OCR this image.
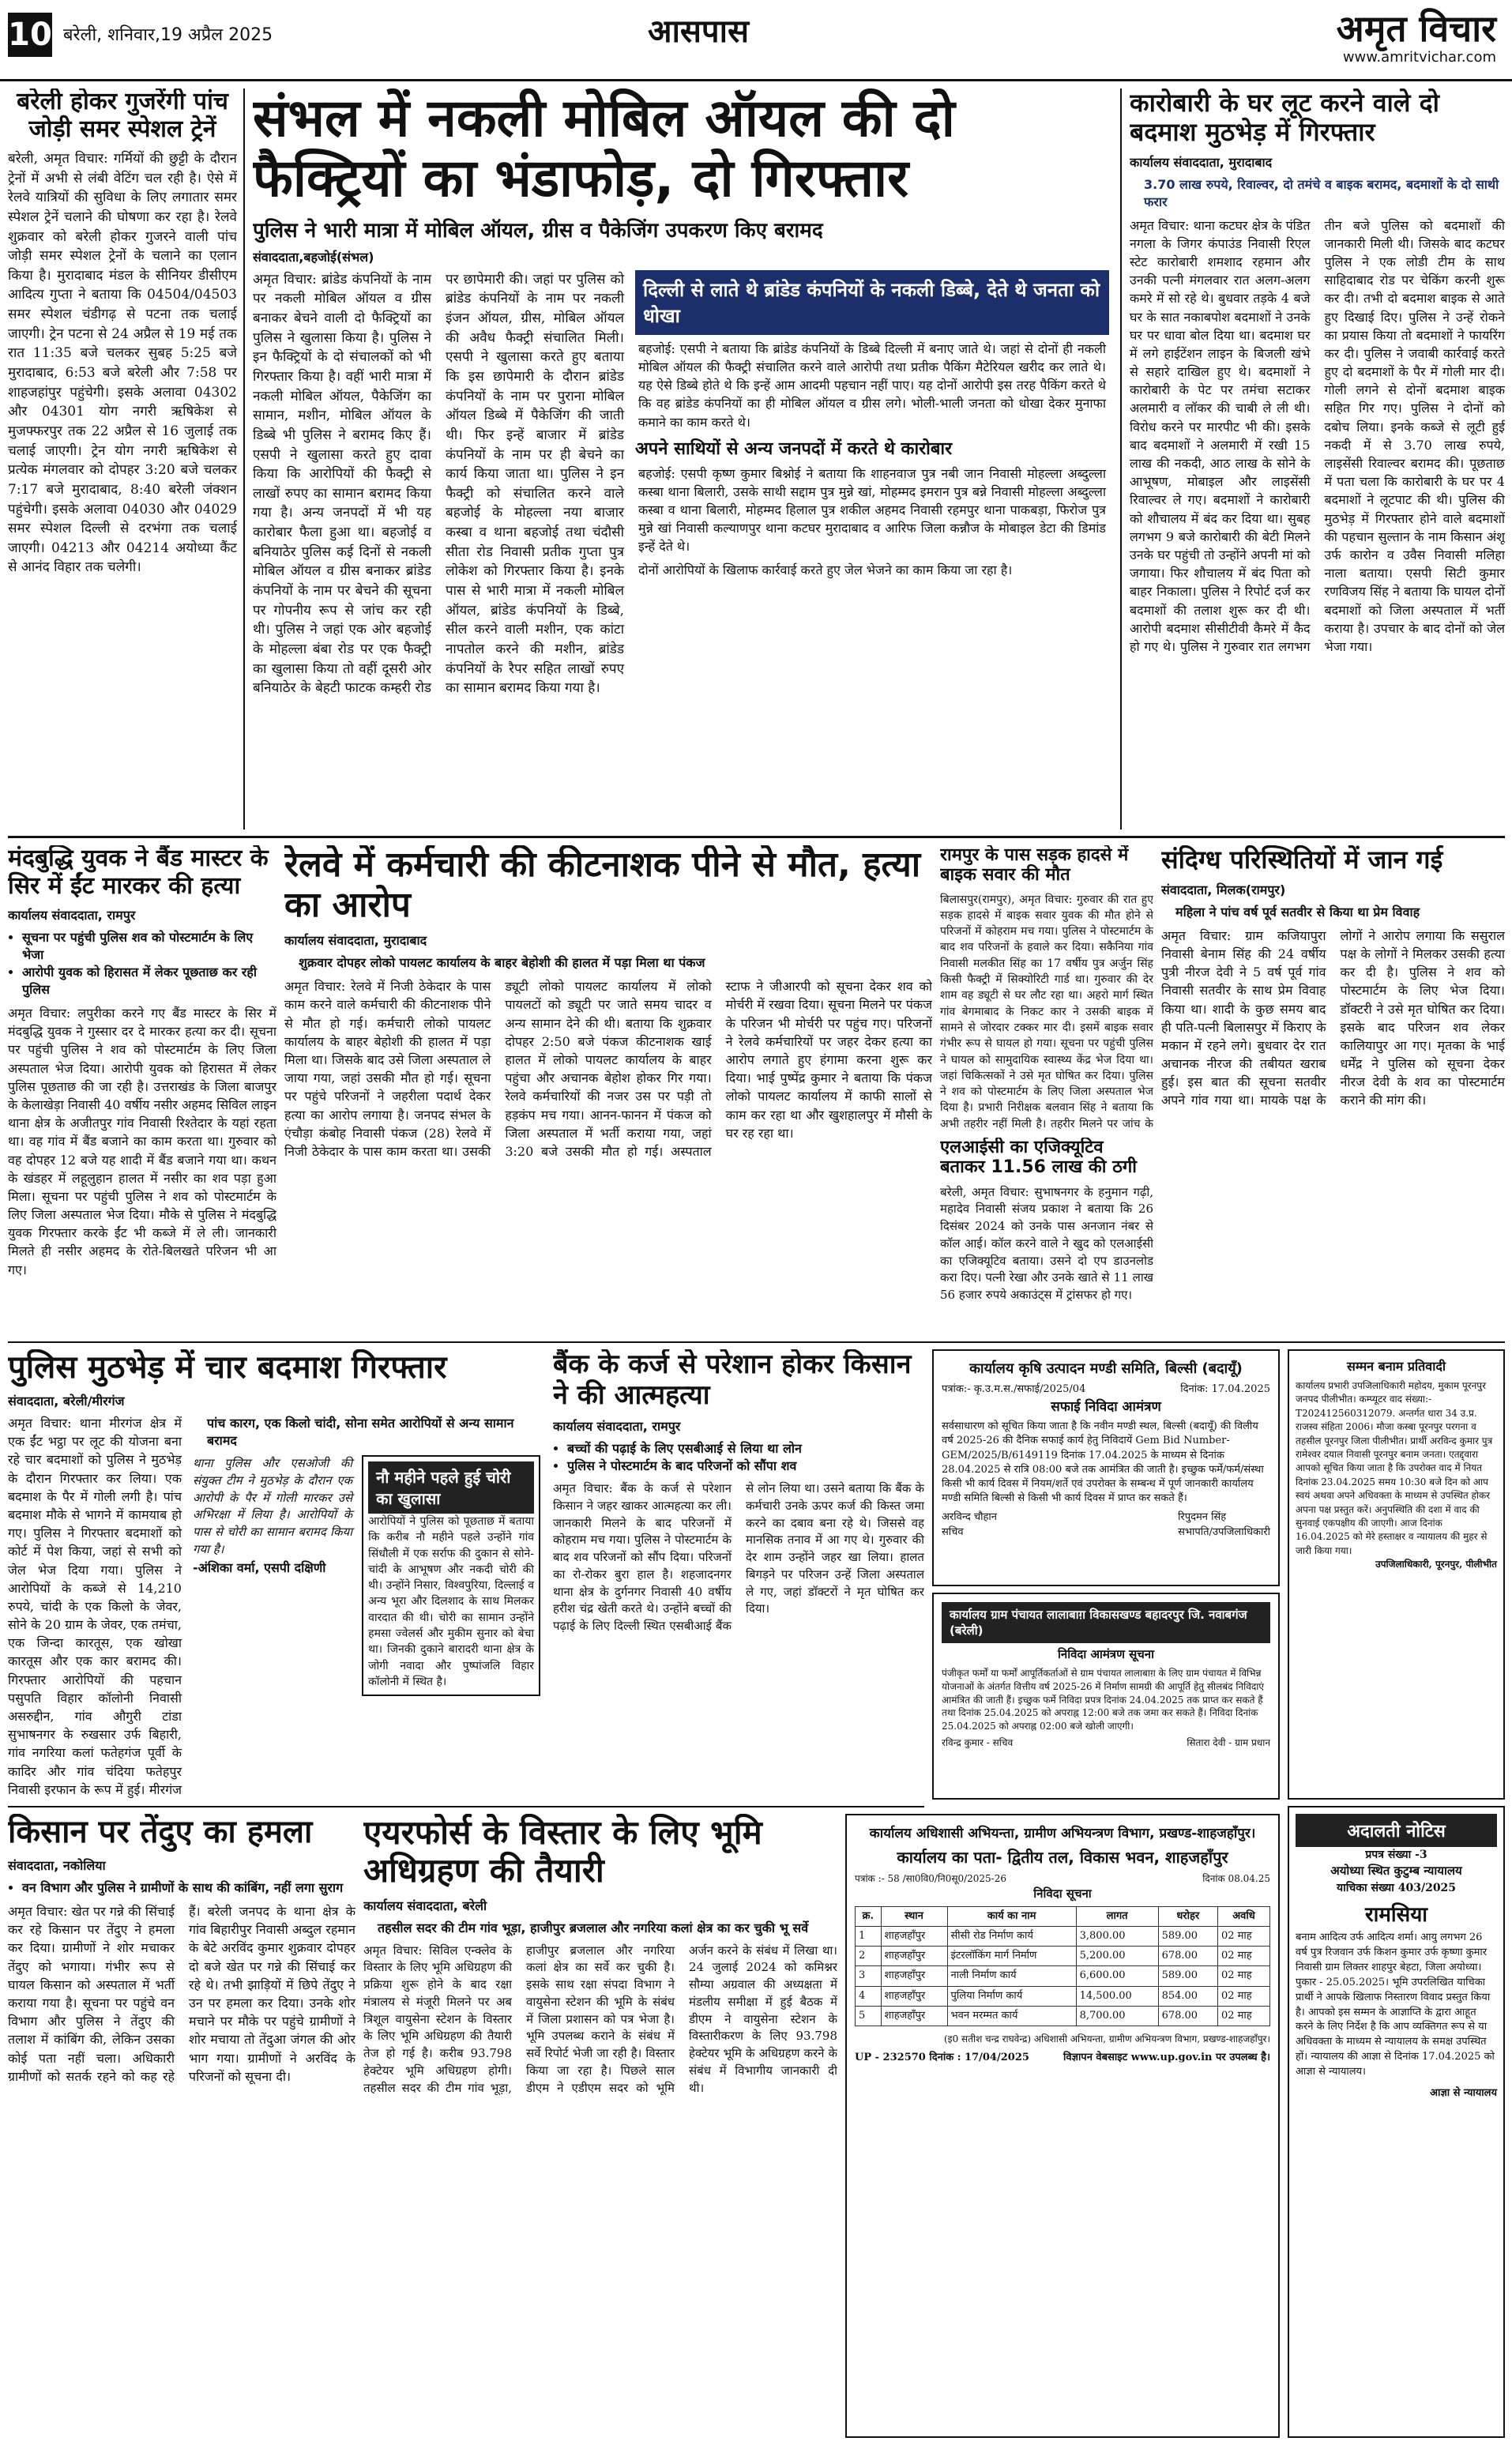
10 बरेली, शनिवार,19 अप्रैल 2025	आसपास	अमृत विचार
www.amritvichar.com
बरेली होकर गुजरेंगी पांच जोड़ी समर स्पेशल ट्रेनें

बरेली, अमृत विचार: गर्मियों की छुट्टी के दौरान ट्रेनों में अभी से लंबी वेटिंग चल रही है। ऐसे में रेलवे यात्रियों की सुविधा के लिए लगातार समर स्पेशल ट्रेनें चलाने की घोषणा कर रहा है। रेलवे शुक्रवार को बरेली होकर गुजरने वाली पांच जोड़ी समर स्पेशल ट्रेनों के चलाने का एलान किया है। मुरादाबाद मंडल के सीनियर डीसीएम आदित्य गुप्ता ने बताया कि 04504/04503 समर स्पेशल चंडीगढ़ से पटना तक चलाई जाएगी। ट्रेन पटना से 24 अप्रैल से 19 मई तक रात 11:35 बजे चलकर सुबह 5:25 बजे मुरादाबाद, 6:53 बजे बरेली और 7:58 पर शाहजहांपुर पहुंचेगी। इसके अलावा 04302 और 04301 योग नगरी ऋषिकेश से मुजफ्फरपुर तक 22 अप्रैल से 16 जुलाई तक चलाई जाएगी। ट्रेन योग नगरी ऋषिकेश से प्रत्येक मंगलवार को दोपहर 3:20 बजे चलकर 7:17 बजे मुरादाबाद, 8:40 बरेली जंक्शन पहुंचेगी। इसके अलावा 04030 और 04029 समर स्पेशल दिल्ली से दरभंगा तक चलाई जाएगी। 04213 और 04214 अयोध्या कैंट से आनंद विहार तक चलेगी।

संभल में नकली मोबिल ऑयल की दो फैक्ट्रियों का भंडाफोड़, दो गिरफ्तार
पुलिस ने भारी मात्रा में मोबिल ऑयल, ग्रीस व पैकेजिंग उपकरण किए बरामद
संवाददाता,बहजोई(संभल)

अमृत विचार: ब्रांडेड कंपनियों के नाम पर नकली मोबिल ऑयल व ग्रीस बनाकर बेचने वाली दो फैक्ट्रियों का पुलिस ने खुलासा किया है। पुलिस ने इन फैक्ट्रियों के दो संचालकों को भी गिरफ्तार किया है। वहीं भारी मात्रा में नकली मोबिल ऑयल, पैकेजिंग का सामान, मशीन, मोबिल ऑयल के डिब्बे भी पुलिस ने बरामद किए हैं। एसपी ने खुलासा करते हुए दावा किया कि आरोपियों की फैक्ट्री से लाखों रुपए का सामान बरामद किया गया है। अन्य जनपदों में भी यह कारोबार फैला हुआ था। बहजोई व बनियाठेर पुलिस कई दिनों से नकली मोबिल ऑयल व ग्रीस बनाकर ब्रांडेड कंपनियों के नाम पर बेचने की सूचना पर गोपनीय रूप से जांच कर रही थी। पुलिस ने जहां एक ओर बहजोई के मोहल्ला बंबा रोड पर एक फैक्ट्री का खुलासा किया तो वहीं दूसरी ओर बनियाठेर के बेहटी फाटक कम्हरी रोड पर छापेमारी की। जहां पर पुलिस को ब्रांडेड कंपनियों के नाम पर नकली इंजन ऑयल, ग्रीस, मोबिल ऑयल की अवैध फैक्ट्री संचालित मिली। एसपी ने खुलासा करते हुए बताया कि इस छापेमारी के दौरान ब्रांडेड कंपनियों के नाम पर पुराना मोबिल ऑयल डिब्बे में पैकेजिंग की जाती थी। फिर इन्हें बाजार में ब्रांडेड कंपनियों के नाम पर ही बेचने का कार्य किया जाता था। पुलिस ने इन फैक्ट्री को संचालित करने वाले बहजोई के मोहल्ला नया बाजार कस्बा व थाना बहजोई तथा चंदौसी सीता रोड निवासी प्रतीक गुप्ता पुत्र लोकेश को गिरफ्तार किया है। इनके पास से भारी मात्रा में नकली मोबिल ऑयल, ब्रांडेड कंपनियों के डिब्बे, सील करने वाली मशीन, एक कांटा नापतोल करने की मशीन, ब्रांडेड कंपनियों के रैपर सहित लाखों रुपए का सामान बरामद किया गया है।

दिल्ली से लाते थे ब्रांडेड कंपनियों के नकली डिब्बे, देते थे जनता को धोखा

बहजोई: एसपी ने बताया कि ब्रांडेड कंपनियों के डिब्बे दिल्ली में बनाए जाते थे। जहां से दोनों ही नकली मोबिल ऑयल की फैक्ट्री संचालित करने वाले आरोपी तथा प्रतीक पैकिंग मैटेरियल खरीद कर लाते थे। यह ऐसे डिब्बे होते थे कि इन्हें आम आदमी पहचान नहीं पाए। यह दोनों आरोपी इस तरह पैकिंग करते थे कि वह ब्रांडेड कंपनियों का ही मोबिल ऑयल व ग्रीस लगे। भोली-भाली जनता को धोखा देकर मुनाफा कमाने का काम करते थे।

अपने साथियों से अन्य जनपदों में करते थे कारोबार

बहजोई: एसपी कृष्ण कुमार बिश्नोई ने बताया कि शाहनवाज पुत्र नबी जान निवासी मोहल्ला अब्दुल्ला कस्बा थाना बिलारी, उसके साथी सद्दाम पुत्र मुन्ने खां, मोहम्मद इमरान पुत्र बन्ने निवासी मोहल्ला अब्दुल्ला कस्बा व थाना बिलारी, मोहम्मद हिलाल पुत्र शकील अहमद निवासी रहमपुर थाना पाकबड़ा, फिरोज पुत्र मुन्ने खां निवासी कल्याणपुर थाना कटघर मुरादाबाद व आरिफ जिला कन्नौज के मोबाइल डेटा की डिमांड इन्हें देते थे।

दोनों आरोपियों के खिलाफ कार्रवाई करते हुए जेल भेजने का काम किया जा रहा है।

कारोबारी के घर लूट करने वाले दो बदमाश मुठभेड़ में गिरफ्तार
कार्यालय संवाददाता, मुरादाबाद
3.70 लाख रुपये, रिवाल्वर, दो तमंचे व बाइक बरामद, बदमाशों के दो साथी फरार

अमृत विचार: थाना कटघर क्षेत्र के पंडित नगला के जिगर कंपाउंड निवासी रिएल स्टेट कारोबारी शमशाद रहमान और उनकी पत्नी मंगलवार रात अलग-अलग कमरे में सो रहे थे। बुधवार तड़के 4 बजे घर के सात नकाबपोश बदमाशों ने उनके घर पर धावा बोल दिया था। बदमाश घर में लगे हाईटेंशन लाइन के बिजली खंभे से सहारे दाखिल हुए थे। बदमाशों ने कारोबारी के पेट पर तमंचा सटाकर अलमारी व लॉकर की चाबी ले ली थी। विरोध करने पर मारपीट भी की। इसके बाद बदमाशों ने अलमारी में रखी 15 लाख की नकदी, आठ लाख के सोने के आभूषण, मोबाइल और लाइसेंसी रिवाल्वर ले गए। बदमाशों ने कारोबारी को शौचालय में बंद कर दिया था। सुबह लगभग 9 बजे कारोबारी की बेटी मिलने उनके घर पहुंची तो उन्होंने अपनी मां को जगाया। फिर शौचालय में बंद पिता को बाहर निकाला। पुलिस ने रिपोर्ट दर्ज कर बदमाशों की तलाश शुरू कर दी थी। आरोपी बदमाश सीसीटीवी कैमरे में कैद हो गए थे। पुलिस ने गुरुवार रात लगभग तीन बजे पुलिस को बदमाशों की जानकारी मिली थी। जिसके बाद कटघर पुलिस ने एक लोडी टीम के साथ साहिदाबाद रोड पर चेकिंग करनी शुरू कर दी। तभी दो बदमाश बाइक से आते हुए दिखाई दिए। पुलिस ने उन्हें रोकने का प्रयास किया तो बदमाशों ने फायरिंग कर दी। पुलिस ने जवाबी कार्रवाई करते हुए दो बदमाशों के पैर में गोली मार दी। गोली लगने से दोनों बदमाश बाइक सहित गिर गए। पुलिस ने दोनों को दबोच लिया। इनके कब्जे से लूटी हुई नकदी में से 3.70 लाख रुपये, लाइसेंसी रिवाल्वर बरामद की। पूछताछ में पता चला कि कारोबारी के घर पर 4 बदमाशों ने लूटपाट की थी। पुलिस की मुठभेड़ में गिरफ्तार होने वाले बदमाशों की पहचान सुल्तान के नाम किसान अंशू उर्फ कारोन व उवैस निवासी मलिहा नाला बताया। एसपी सिटी कुमार रणविजय सिंह ने बताया कि घायल दोनों बदमाशों को जिला अस्पताल में भर्ती कराया है। उपचार के बाद दोनों को जेल भेजा गया।

मंदबुद्धि युवक ने बैंड मास्टर के सिर में ईंट मारकर की हत्या
कार्यालय संवाददाता, रामपुर
• सूचना पर पहुंची पुलिस शव को पोस्टमार्टम के लिए भेजा
• आरोपी युवक को हिरासत में लेकर पूछताछ कर रही पुलिस

अमृत विचार: लपुरीका करने गए बैंड मास्टर के सिर में मंदबुद्धि युवक ने गुस्सार दर दे मारकर हत्या कर दी। सूचना पर पहुंची पुलिस ने शव को पोस्टमार्टम के लिए जिला अस्पताल भेज दिया। आरोपी युवक को हिरासत में लेकर पुलिस पूछताछ की जा रही है। उत्तराखंड के जिला बाजपुर के केलाखेड़ा निवासी 40 वर्षीय नसीर अहमद सिविल लाइन थाना क्षेत्र के अजीतपुर गांव निवासी रिश्तेदार के यहां रहता था। वह गांव में बैंड बजाने का काम करता था। गुरुवार को वह दोपहर 12 बजे यह शादी में बैंड बजाने गया था। कथन के खंडहर में लहूलुहान हालत में नसीर का शव पड़ा हुआ मिला। सूचना पर पहुंची पुलिस ने शव को पोस्टमार्टम के लिए जिला अस्पताल भेज दिया। मौके से पुलिस ने मंदबुद्धि युवक गिरफ्तार करके ईंट भी कब्जे में ले ली। जानकारी मिलते ही नसीर अहमद के रोते-बिलखते परिजन भी आ गए।

रेलवे में कर्मचारी की कीटनाशक पीने से मौत, हत्या का आरोप
कार्यालय संवाददाता, मुरादाबाद
शुक्रवार दोपहर लोको पायलट कार्यालय के बाहर बेहोशी की हालत में पड़ा मिला था पंकज

अमृत विचार: रेलवे में निजी ठेकेदार के पास काम करने वाले कर्मचारी की कीटनाशक पीने से मौत हो गई। कर्मचारी लोको पायलट कार्यालय के बाहर बेहोशी की हालत में पड़ा मिला था। जिसके बाद उसे जिला अस्पताल ले जाया गया, जहां उसकी मौत हो गई। सूचना पर पहुंचे परिजनों ने जहरीला पदार्थ देकर हत्या का आरोप लगाया है। जनपद संभल के एंचौड़ा कंबोह निवासी पंकज (28) रेलवे में निजी ठेकेदार के पास काम करता था। उसकी ड्यूटी लोको पायलट कार्यालय में लोको पायलटों को ड्यूटी पर जाते समय चादर व अन्य सामान देने की थी। बताया कि शुक्रवार दोपहर 2:50 बजे पंकज कीटनाशक खाई हालत में लोको पायलट कार्यालय के बाहर पहुंचा और अचानक बेहोश होकर गिर गया। रेलवे कर्मचारियों की नजर उस पर पड़ी तो हड़कंप मच गया। आनन-फानन में पंकज को जिला अस्पताल में भर्ती कराया गया, जहां 3:20 बजे उसकी मौत हो गई। अस्पताल स्टाफ ने जीआरपी को सूचना देकर शव को मोर्चरी में रखवा दिया। सूचना मिलने पर पंकज के परिजन भी मोर्चरी पर पहुंच गए। परिजनों ने रेलवे कर्मचारियों पर जहर देकर हत्या का आरोप लगाते हुए हंगामा करना शुरू कर दिया। भाई पुष्पेंद्र कुमार ने बताया कि पंकज लोको पायलट कार्यालय में काफी सालों से काम कर रहा था और खुशहालपुर में मौसी के घर रह रहा था।

रामपुर के पास सड़क हादसे में बाइक सवार की मौत

बिलासपुर(रामपुर), अमृत विचार: गुरुवार की रात हुए सड़क हादसे में बाइक सवार युवक की मौत होने से परिजनों में कोहराम मच गया। पुलिस ने पोस्टमार्टम के बाद शव परिजनों के हवाले कर दिया। सकैनिया गांव निवासी मलकीत सिंह का 17 वर्षीय पुत्र अर्जुन सिंह किसी फैक्ट्री में सिक्योरिटी गार्ड था। गुरुवार की देर शाम वह ड्यूटी से घर लौट रहा था। अहरो मार्ग स्थित गांव बेगमाबाद के निकट कार ने उसकी बाइक में सामने से जोरदार टक्कर मार दी। इसमें बाइक सवार गंभीर रूप से घायल हो गया। सूचना पर पहुंची पुलिस ने घायल को सामुदायिक स्वास्थ्य केंद्र भेज दिया था। जहां चिकित्सकों ने उसे मृत घोषित कर दिया। पुलिस ने शव को पोस्टमार्टम के लिए जिला अस्पताल भेज दिया है। प्रभारी निरीक्षक बलवान सिंह ने बताया कि अभी तहरीर नहीं मिली है। तहरीर मिलने पर जांच के

एलआईसी का एजिक्यूटिव बताकर 11.56 लाख की ठगी

बरेली, अमृत विचार: सुभाषनगर के हनुमान गढ़ी, महादेव निवासी संजय प्रकाश ने बताया कि 26 दिसंबर 2024 को उनके पास अनजान नंबर से कॉल आई। कॉल करने वाले ने खुद को एलआईसी का एजिक्यूटिव बताया। उसने दो एप डाउनलोड करा दिए। पत्नी रेखा और उनके खाते से 11 लाख 56 हजार रुपये अकाउंट्स में ट्रांसफर हो गए।

संदिग्ध परिस्थितियों में जान गई
संवाददाता, मिलक(रामपुर)
महिला ने पांच वर्ष पूर्व सतवीर से किया था प्रेम विवाह

अमृत विचार: ग्राम कजियापुरा निवासी बेनाम सिंह की 24 वर्षीय पुत्री नीरज देवी ने 5 वर्ष पूर्व गांव निवासी सतवीर के साथ प्रेम विवाह किया था। शादी के कुछ समय बाद ही पति-पत्नी बिलासपुर में किराए के मकान में रहने लगे। बुधवार देर रात अचानक नीरज की तबीयत खराब हुई। इस बात की सूचना सतवीर अपने गांव गया था। मायके पक्ष के लोगों ने आरोप लगाया कि ससुराल पक्ष के लोगों ने मिलकर उसकी हत्या कर दी है। पुलिस ने शव को पोस्टमार्टम के लिए भेज दिया। डॉक्टरी ने उसे मृत घोषित कर दिया। इसके बाद परिजन शव लेकर कालियापुर आ गए। मृतका के भाई धर्मेंद्र ने पुलिस को सूचना देकर नीरज देवी के शव का पोस्टमार्टम कराने की मांग की।

पुलिस मुठभेड़ में चार बदमाश गिरफ्तार
संवाददाता, बरेली/मीरगंज

अमृत विचार: थाना मीरगंज क्षेत्र में एक ईंट भट्ठा पर लूट की योजना बना रहे चार बदमाशों को पुलिस ने मुठभेड़ के दौरान गिरफ्तार कर लिया। एक बदमाश के पैर में गोली लगी है। पांच बदमाश मौके से भागने में कामयाब हो गए। पुलिस ने गिरफ्तार बदमाशों को कोर्ट में पेश किया, जहां से सभी को जेल भेज दिया गया। पुलिस ने आरोपियों के कब्जे से 14,210 रुपये, चांदी के एक किलो के जेवर, सोने के 20 ग्राम के जेवर, एक तमंचा, एक जिन्दा कारतूस, एक खोखा कारतूस और एक कार बरामद की। गिरफ्तार आरोपियों की पहचान पसुपति विहार कॉलोनी निवासी असरुद्दीन, गांव औगुरी टांडा सुभाषनगर के रुखसार उर्फ बिहारी, गांव नगरिया कलां फतेहगंज पूर्वी के कादिर और गांव चंदिया फतेहपुर निवासी इरफान के रूप में हुई। मीरगंज

पांच कारग, एक किलो चांदी, सोना समेत आरोपियों से अन्य सामान बरामद

थाना पुलिस और एसओजी की संयुक्त टीम ने मुठभेड़ के दौरान एक आरोपी के पैर में गोली मारकर उसे अभिरक्षा में लिया है। आरोपियों के पास से चोरी का सामान बरामद किया गया है।

-अंशिका वर्मा, एसपी दक्षिणी
नौ महीने पहले हुई चोरी का खुलासा

आरोपियों ने पुलिस को पूछताछ में बताया कि करीब नौ महीने पहले उन्होंने गांव सिंधौली में एक सर्राफ की दुकान से सोने-चांदी के आभूषण और नकदी चोरी की थी। उन्होंने निसार, विश्वपुरिया, दिल्लाई व अन्य भूरा और दिलशाद के साथ मिलकर वारदात की थी। चोरी का सामान उन्होंने हमसा ज्वेलर्स और मुकीम सुनार को बेचा था। जिनकी दुकाने बारादरी थाना क्षेत्र के जोगी नवादा और पुष्पांजलि विहार कॉलोनी में स्थित है।

बैंक के कर्ज से परेशान होकर किसान ने की आत्महत्या
कार्यालय संवाददाता, रामपुर
• बच्चों की पढ़ाई के लिए एसबीआई से लिया था लोन
• पुलिस ने पोस्टमार्टम के बाद परिजनों को सौंपा शव

अमृत विचार: बैंक के कर्ज से परेशान किसान ने जहर खाकर आत्महत्या कर ली। जानकारी मिलने के बाद परिजनों में कोहराम मच गया। पुलिस ने पोस्टमार्टम के बाद शव परिजनों को सौंप दिया। परिजनों का रो-रोकर बुरा हाल है। शहजादनगर थाना क्षेत्र के दुर्गनगर निवासी 40 वर्षीय हरीश चंद्र खेती करते थे। उन्होंने बच्चों की पढ़ाई के लिए दिल्ली स्थित एसबीआई बैंक से लोन लिया था। उसने बताया कि बैंक के कर्मचारी उनके ऊपर कर्ज की किस्त जमा करने का दबाव बना रहे थे। जिससे वह मानसिक तनाव में आ गए थे। गुरुवार की देर शाम उन्होंने जहर खा लिया। हालत बिगड़ने पर परिजन उन्हें जिला अस्पताल ले गए, जहां डॉक्टरों ने मृत घोषित कर दिया।

कार्यालय कृषि उत्पादन मण्डी समिति, बिल्सी (बदायूँ)
पत्रांक:- कृ.उ.म.स./सफाई/2025/04	दिनांक: 17.04.2025
सफाई निविदा आमंत्रण

सर्वसाधारण को सूचित किया जाता है कि नवीन मण्डी स्थल, बिल्सी (बदायूँ) की विलीय वर्ष 2025-26 की दैनिक सफाई कार्य हेतु निविदायें Gem Bid Number- GEM/2025/B/6149119 दिनांक 17.04.2025 के माध्यम से दिनांक 28.04.2025 से रात्रि 08:00 बजे तक आमंत्रित की जाती है। इच्छुक फर्मे/फर्म/संस्था किसी भी कार्य दिवस में नियम/शर्ते एवं उपरोक्त के सम्बन्ध में पूर्ण जानकारी कार्यालय मण्डी समिति बिल्सी से किसी भी कार्य दिवस में प्राप्त कर सकते हैं।

अरविन्द चौहान
सचिव
रिपुदमन सिंह
सभापति/उपजिलाधिकारी
कार्यालय ग्राम पंचायत लालाबाग़ विकासखण्ड बहादरपुर जि. नवाबगंज (बरेली)
निविदा आमंत्रण सूचना

पंजीकृत फर्मों या फर्मों आपूर्तिकर्ताओं से ग्राम पंचायत लालाबाग़ के लिए ग्राम पंचायत में विभिन्न योजनाओं के अंतर्गत वित्तीय वर्ष 2025-26 में निर्माण सामग्री की आपूर्ति हेतु सीलबंद निविदाएं आमंत्रित की जाती हैं। इच्छुक फर्मे निविदा प्रपत्र दिनांक 24.04.2025 तक प्राप्त कर सकते हैं तथा दिनांक 25.04.2025 को अपराह्न 12:00 बजे तक जमा कर सकते हैं। निविदा दिनांक 25.04.2025 को अपराह्न 02:00 बजे खोली जाएगी।

रविन्द्र कुमार - सचिव	सितारा देवी - ग्राम प्रधान
सम्मन बनाम प्रतिवादी

कार्यालय प्रभारी उपजिलाधिकारी महोदय, मुकाम पूरनपुर जनपद पीलीभीत। कम्प्यूटर वाद संख्या:- T202412560312079. अन्तर्गत धारा 34 उ.प्र. राजस्व संहिता 2006। मौजा कस्बा पूरनपुर परगना व तहसील पूरनपुर जिला पीलीभीत। प्रार्थी अरविन्द कुमार पुत्र रामेश्वर दयाल निवासी पूरनपुर बनाम जनता। एतद्द्वारा आपको सूचित किया जाता है कि उपरोक्त वाद में नियत दिनांक 23.04.2025 समय 10:30 बजे दिन को आप स्वयं अथवा अपने अधिवक्ता के माध्यम से उपस्थित होकर अपना पक्ष प्रस्तुत करें। अनुपस्थिति की दशा में वाद की सुनवाई एकपक्षीय की जाएगी। आज दिनांक 16.04.2025 को मेरे हस्ताक्षर व न्यायालय की मुहर से जारी किया गया।

उपजिलाधिकारी, पूरनपुर, पीलीभीत
किसान पर तेंदुए का हमला
संवाददाता, नकोलिया
• वन विभाग और पुलिस ने ग्रामीणों के साथ की कांबिंग, नहीं लगा सुराग

अमृत विचार: खेत पर गन्ने की सिंचाई कर रहे किसान पर तेंदुए ने हमला कर दिया। ग्रामीणों ने शोर मचाकर तेंदुए को भगाया। गंभीर रूप से घायल किसान को अस्पताल में भर्ती कराया गया है। सूचना पर पहुंचे वन विभाग और पुलिस ने तेंदुए की तलाश में कांबिंग की, लेकिन उसका कोई पता नहीं चला। अधिकारी ग्रामीणों को सतर्क रहने को कह रहे हैं। बरेली जनपद के थाना क्षेत्र के गांव बिहारीपुर निवासी अब्दुल रहमान के बेटे अरविंद कुमार शुक्रवार दोपहर दो बजे खेत पर गन्ने की सिंचाई कर रहे थे। तभी झाड़ियों में छिपे तेंदुए ने उन पर हमला कर दिया। उनके शोर मचाने पर मौके पर पहुंचे ग्रामीणों ने शोर मचाया तो तेंदुआ जंगल की ओर भाग गया। ग्रामीणों ने अरविंद के परिजनों को सूचना दी।

एयरफोर्स के विस्तार के लिए भूमि अधिग्रहण की तैयारी
कार्यालय संवाददाता, बरेली
तहसील सदर की टीम गांव भूड़ा, हाजीपुर ब्रजलाल और नगरिया कलां क्षेत्र का कर चुकी भू सर्वे

अमृत विचार: सिविल एन्क्लेव के विस्तार के लिए भूमि अधिग्रहण की प्रक्रिया शुरू होने के बाद रक्षा मंत्रालय से मंजूरी मिलने पर अब त्रिशूल वायुसेना स्टेशन के विस्तार के लिए भूमि अधिग्रहण की तैयारी तेज हो गई है। करीब 93.798 हेक्टेयर भूमि अधिग्रहण होगी। तहसील सदर की टीम गांव भूड़ा, हाजीपुर ब्रजलाल और नगरिया कलां क्षेत्र का सर्वे कर चुकी है। इसके साथ रक्षा संपदा विभाग ने वायुसेना स्टेशन की भूमि के संबंध में जिला प्रशासन को पत्र भेजा है। भूमि उपलब्ध कराने के संबंध में सर्वे रिपोर्ट भेजी जा रही है। विस्तार किया जा रहा है। पिछले साल डीएम ने एडीएम सदर को भूमि अर्जन करने के संबंध में लिखा था। 24 जुलाई 2024 को कमिश्नर सौम्या अग्रवाल की अध्यक्षता में मंडलीय समीक्षा में हुई बैठक में डीएम ने वायुसेना स्टेशन के विस्तारीकरण के लिए 93.798 हेक्टेयर भूमि के अधिग्रहण करने के संबंध में विभागीय जानकारी दी थी।

कार्यालय अधिशासी अभियन्ता, ग्रामीण अभियन्त्रण विभाग, प्रखण्ड-शाहजहाँपुर।
कार्यालय का पता- द्वितीय तल, विकास भवन, शाहजहाँपुर
पत्रांक :- 58 /सा0वि0/नि0सू0/2025-26	दिनांक 08.04.25
निविदा सूचना
क्र.	स्थान	कार्य का नाम	लागत	धरोहर	अवधि
1	शाहजहाँपुर	सीसी रोड निर्माण कार्य	3,800.00	589.00	02 माह
2	शाहजहाँपुर	इंटरलॉकिंग मार्ग निर्माण	5,200.00	678.00	02 माह
3	शाहजहाँपुर	नाली निर्माण कार्य	6,600.00	589.00	02 माह
4	शाहजहाँपुर	पुलिया निर्माण कार्य	14,500.00	854.00	02 माह
5	शाहजहाँपुर	भवन मरम्मत कार्य	8,700.00	678.00	02 माह

(इ0 सतीश चन्द्र राघवेन्द्र) अधिशासी अभियन्ता, ग्रामीण अभियन्त्रण विभाग, प्रखण्ड-शाहजहाँपुर।

UP - 232570 दिनांक : 17/04/2025	विज्ञापन वेबसाइट www.up.gov.in पर उपलब्ध है।
अदालती नोटिस
प्रपत्र संख्या -3
अयोध्या स्थित कुटुम्ब न्यायालय
याचिका संख्या 403/2025
रामसिया

बनाम आदित्य उर्फ आदित्य शर्मा। आयु लगभग 26 वर्ष पुत्र रिजवान उर्फ किशन कुमार उर्फ कृष्णा कुमार निवासी ग्राम लिक्तर शाहपुर बेहटा, जिला अयोध्या। पुकार - 25.05.2025। भूमि उपरलिखित याचिका प्रार्थी ने आपके खिलाफ निस्तारण विवाद प्रस्तुत किया है। आपको इस सम्मन के आज्ञाप्ति के द्वारा आहूत करने के लिए निर्देश है कि आप व्यक्तिगत रूप से या अधिवक्ता के माध्यम से न्यायालय के समक्ष उपस्थित हों। न्यायालय की आज्ञा से दिनांक 17.04.2025 को आज्ञा से न्यायालय।

आज्ञा से न्यायालय
